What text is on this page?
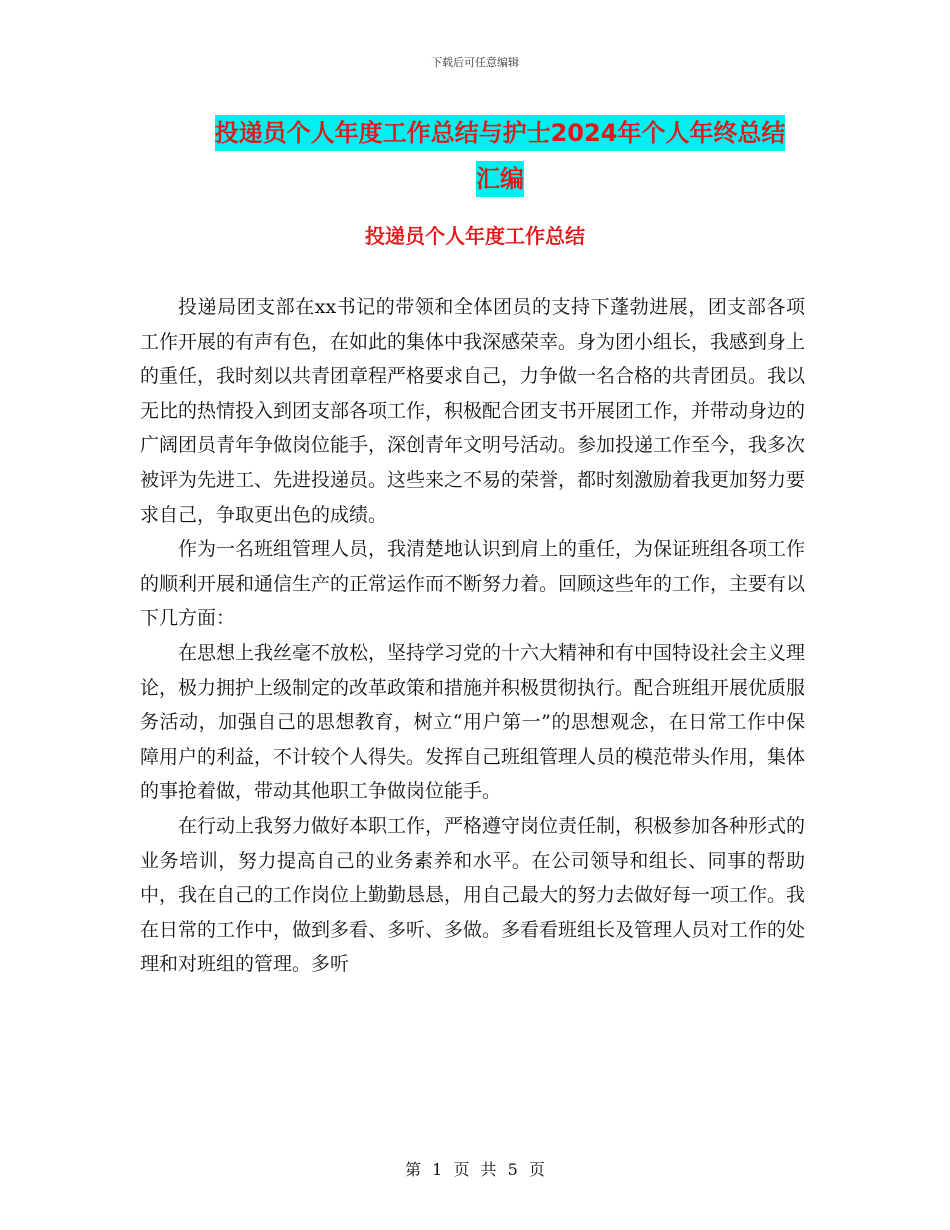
下载后可任意编辑
投递员个人年度工作总结与护士2024年个人年终总结
汇编
投递员个人年度工作总结

投递局团支部在xx书记的带领和全体团员的支持下蓬勃进展，团支部各项工作开展的有声有色，在如此的集体中我深感荣幸。身为团小组长，我感到身上的重任，我时刻以共青团章程严格要求自己，力争做一名合格的共青团员。我以无比的热情投入到团支部各项工作，积极配合团支书开展团工作，并带动身边的广阔团员青年争做岗位能手，深创青年文明号活动。参加投递工作至今，我多次被评为先进工、先进投递员。这些来之不易的荣誉，都时刻激励着我更加努力要求自己，争取更出色的成绩。

作为一名班组管理人员，我清楚地认识到肩上的重任，为保证班组各项工作的顺利开展和通信生产的正常运作而不断努力着。回顾这些年的工作，主要有以下几方面：

在思想上我丝毫不放松，坚持学习党的十六大精神和有中国特设社会主义理论，极力拥护上级制定的改革政策和措施并积极贯彻执行。配合班组开展优质服务活动，加强自己的思想教育，树立“用户第一”的思想观念，在日常工作中保障用户的利益，不计较个人得失。发挥自己班组管理人员的模范带头作用，集体的事抢着做，带动其他职工争做岗位能手。

在行动上我努力做好本职工作，严格遵守岗位责任制，积极参加各种形式的业务培训，努力提高自己的业务素养和水平。在公司领导和组长、同事的帮助中，我在自己的工作岗位上勤勤恳恳，用自己最大的努力去做好每一项工作。我在日常的工作中，做到多看、多听、多做。多看看班组长及管理人员对工作的处理和对班组的管理。多听

第 1 页 共 5 页
